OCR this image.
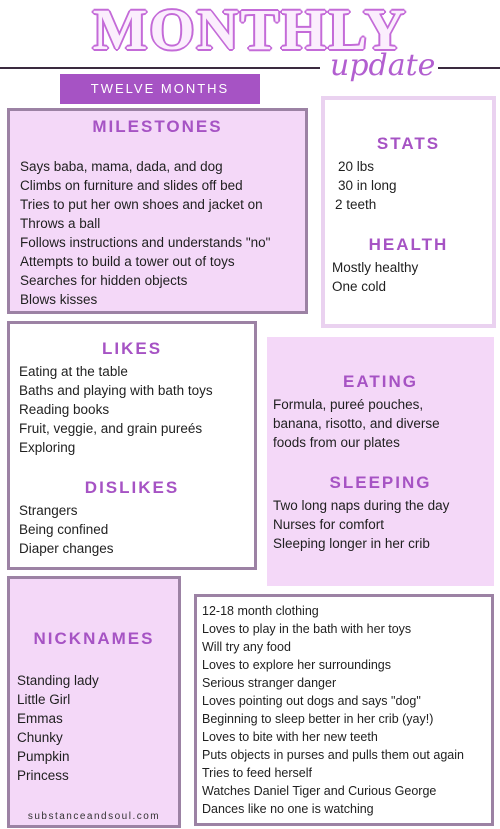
MONTHLY
update
TWELVE MONTHS
MILESTONES
Says baba, mama, dada, and dog
Climbs on furniture and slides off bed
Tries to put her own shoes and jacket on
Throws a ball
Follows instructions and understands "no"
Attempts to build a tower out of toys
Searches for hidden objects
Blows kisses
STATS
20 lbs
30 in long
2 teeth
HEALTH
Mostly healthy
One cold
LIKES
Eating at the table
Baths and playing with bath toys
Reading books
Fruit, veggie, and grain pureés
Exploring
DISLIKES
Strangers
Being confined
Diaper changes
EATING
Formula, pureé pouches,
banana, risotto, and diverse
foods from our plates
SLEEPING
Two long naps during the day
Nurses for comfort
Sleeping longer in her crib
NICKNAMES
Standing lady
Little Girl
Emmas
Chunky
Pumpkin
Princess
substanceandsoul.com
12-18 month clothing
Loves to play in the bath with her toys
Will try any food
Loves to explore her surroundings
Serious stranger danger
Loves pointing out dogs and says "dog"
Beginning to sleep better in her crib (yay!)
Loves to bite with her new teeth
Puts objects in purses and pulls them out again
Tries to feed herself
Watches Daniel Tiger and Curious George
Dances like no one is watching
